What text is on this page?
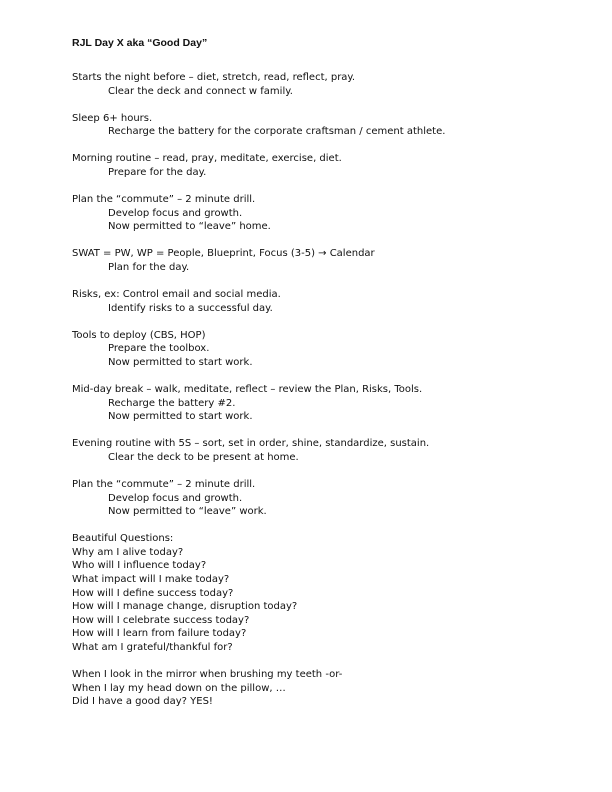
RJL Day X aka “Good Day”
Starts the night before – diet, stretch, read, reflect, pray.
Clear the deck and connect w family.
Sleep 6+ hours.
Recharge the battery for the corporate craftsman / cement athlete.
Morning routine – read, pray, meditate, exercise, diet.
Prepare for the day.
Plan the “commute” – 2 minute drill.
Develop focus and growth.
Now permitted to “leave” home.
SWAT = PW, WP = People, Blueprint, Focus (3-5) → Calendar
Plan for the day.
Risks, ex: Control email and social media.
Identify risks to a successful day.
Tools to deploy (CBS, HOP)
Prepare the toolbox.
Now permitted to start work.
Mid-day break – walk, meditate, reflect – review the Plan, Risks, Tools.
Recharge the battery #2.
Now permitted to start work.
Evening routine with 5S – sort, set in order, shine, standardize, sustain.
Clear the deck to be present at home.
Plan the “commute” – 2 minute drill.
Develop focus and growth.
Now permitted to “leave” work.
Beautiful Questions:
Why am I alive today?
Who will I influence today?
What impact will I make today?
How will I define success today?
How will I manage change, disruption today?
How will I celebrate success today?
How will I learn from failure today?
What am I grateful/thankful for?
When I look in the mirror when brushing my teeth -or-
When I lay my head down on the pillow, …
Did I have a good day? YES!
